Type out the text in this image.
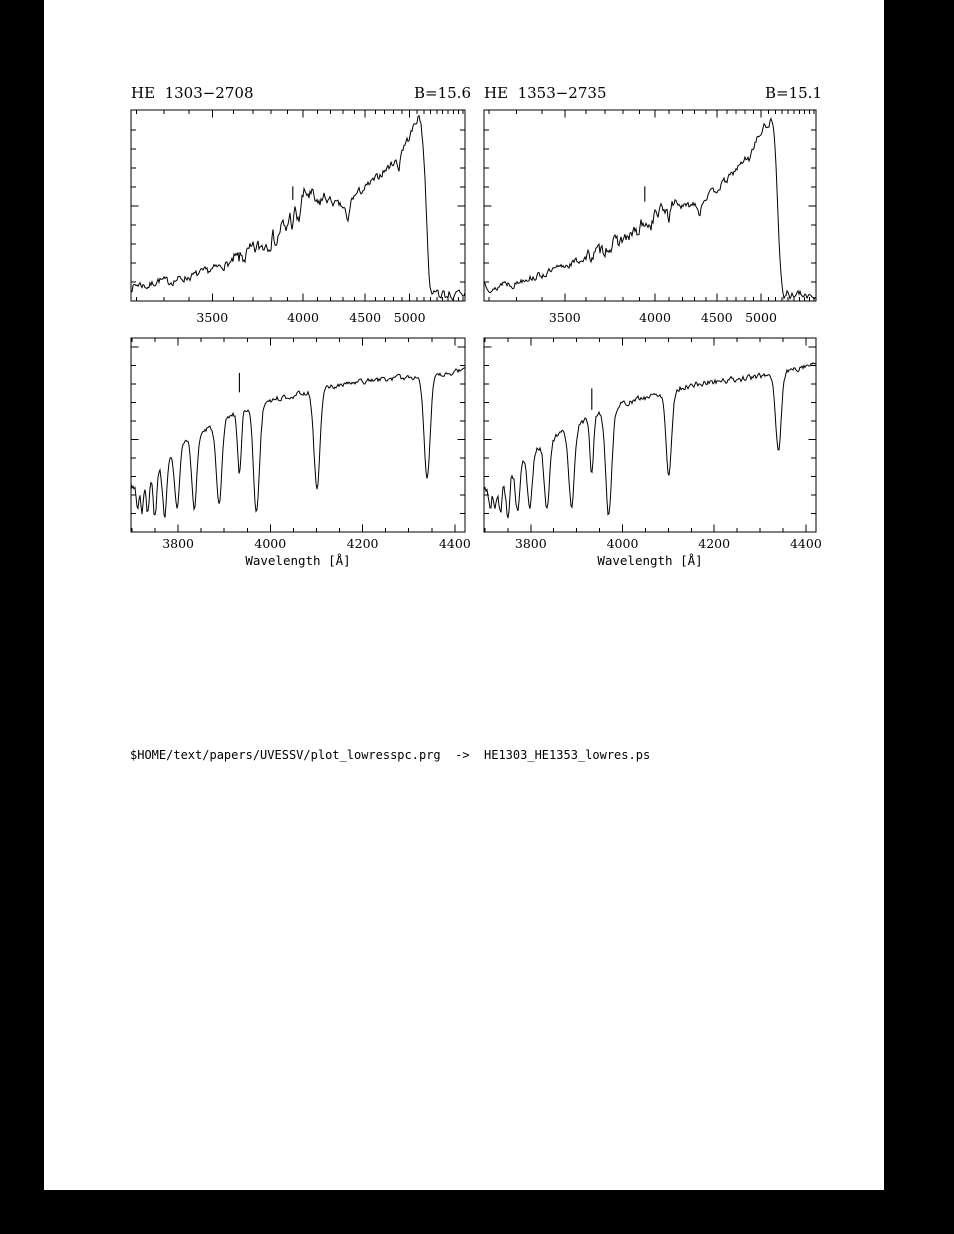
HE  1303−2708	B=15.6 HE  1353−2735	B=15.1
3500	4000 4500 5000	3500	4000 4500 5000
3800	4000	4200	4400	3800	4000	4200	4400
Wavelength [Å]	Wavelength [Å]
$HOME/text/papers/UVESSV/plot_lowresspc.prg  ->  HE1303_HE1353_lowres.ps
